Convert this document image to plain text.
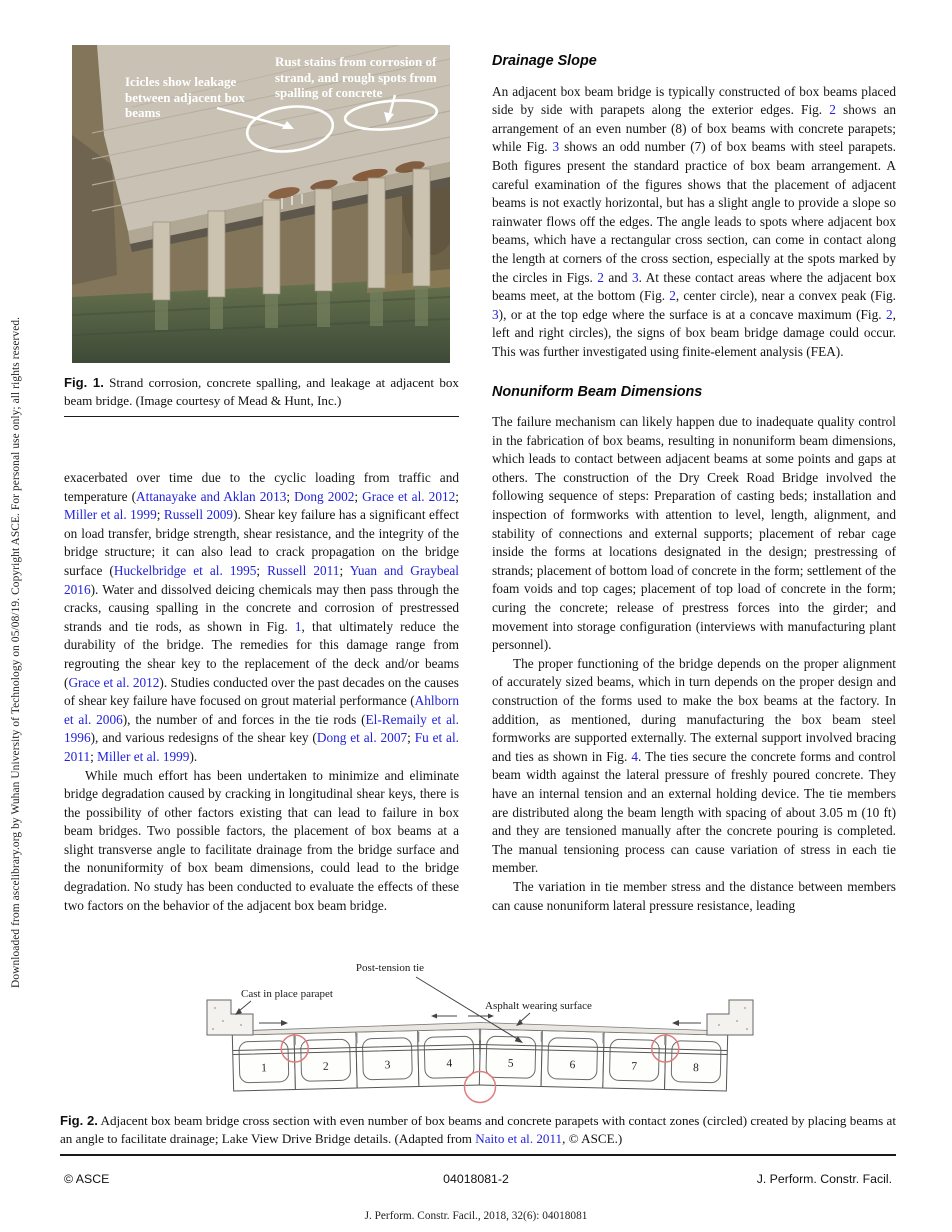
Downloaded from ascelibrary.org by Wuhan University of Technology on 05/08/19. Copyright ASCE. For personal use only; all rights reserved.
Icicles show leakage between adjacent box beams
Rust stains from corrosion of strand, and rough spots from spalling of concrete
Fig. 1. Strand corrosion, concrete spalling, and leakage at adjacent box beam bridge. (Image courtesy of Mead & Hunt, Inc.)

exacerbated over time due to the cyclic loading from traffic and temperature (Attanayake and Aklan 2013; Dong 2002; Grace et al. 2012; Miller et al. 1999; Russell 2009). Shear key failure has a significant effect on load transfer, bridge strength, shear resistance, and the integrity of the bridge structure; it can also lead to crack propagation on the bridge surface (Huckelbridge et al. 1995; Russell 2011; Yuan and Graybeal 2016). Water and dissolved deicing chemicals may then pass through the cracks, causing spalling in the concrete and corrosion of prestressed strands and tie rods, as shown in Fig. 1, that ultimately reduce the durability of the bridge. The remedies for this damage range from regrouting the shear key to the replacement of the deck and/or beams (Grace et al. 2012). Studies conducted over the past decades on the causes of shear key failure have focused on grout material performance (Ahlborn et al. 2006), the number of and forces in the tie rods (El-Remaily et al. 1996), and various redesigns of the shear key (Dong et al. 2007; Fu et al. 2011; Miller et al. 1999).

While much effort has been undertaken to minimize and eliminate bridge degradation caused by cracking in longitudinal shear keys, there is the possibility of other factors existing that can lead to failure in box beam bridges. Two possible factors, the placement of box beams at a slight transverse angle to facilitate drainage from the bridge surface and the nonuniformity of box beam dimensions, could lead to the bridge degradation. No study has been conducted to evaluate the effects of these two factors on the behavior of the adjacent box beam bridge.

Drainage Slope

An adjacent box beam bridge is typically constructed of box beams placed side by side with parapets along the exterior edges. Fig. 2 shows an arrangement of an even number (8) of box beams with concrete parapets; while Fig. 3 shows an odd number (7) of box beams with steel parapets. Both figures present the standard practice of box beam arrangement. A careful examination of the figures shows that the placement of adjacent beams is not exactly horizontal, but has a slight angle to provide a slope so rainwater flows off the edges. The angle leads to spots where adjacent box beams, which have a rectangular cross section, can come in contact along the length at corners of the cross section, especially at the spots marked by the circles in Figs. 2 and 3. At these contact areas where the adjacent box beams meet, at the bottom (Fig. 2, center circle), near a convex peak (Fig. 3), or at the top edge where the surface is at a concave maximum (Fig. 2, left and right circles), the signs of box beam bridge damage could occur. This was further investigated using finite-element analysis (FEA).

Nonuniform Beam Dimensions

The failure mechanism can likely happen due to inadequate quality control in the fabrication of box beams, resulting in nonuniform beam dimensions, which leads to contact between adjacent beams at some points and gaps at others. The construction of the Dry Creek Road Bridge involved the following sequence of steps: Preparation of casting beds; installation and inspection of formworks with attention to level, length, alignment, and stability of connections and external supports; placement of rebar cage inside the forms at locations designated in the design; prestressing of strands; placement of bottom load of concrete in the form; settlement of the foam voids and top cages; placement of top load of concrete in the form; curing the concrete; release of prestress forces into the girder; and movement into storage configuration (interviews with manufacturing plant personnel).

The proper functioning of the bridge depends on the proper alignment of accurately sized beams, which in turn depends on the proper design and construction of the forms used to make the box beams at the factory. In addition, as mentioned, during manufacturing the box beam steel formworks are supported externally. The external support involved bracing and ties as shown in Fig. 4. The ties secure the concrete forms and control beam width against the lateral pressure of freshly poured concrete. They have an internal tension and an external holding device. The tie members are distributed along the beam length with spacing of about 3.05 m (10 ft) and they are tensioned manually after the concrete pouring is completed. The manual tensioning process can cause variation of stress in each tie member.

The variation in tie member stress and the distance between members can cause nonuniform lateral pressure resistance, leading

1	2	3	4	5	6	7	8
Post-tension tie
Cast in place parapet
Asphalt wearing surface
Fig. 2. Adjacent box beam bridge cross section with even number of box beams and concrete parapets with contact zones (circled) created by placing beams at an angle to facilitate drainage; Lake View Drive Bridge details. (Adapted from Naito et al. 2011, © ASCE.)
© ASCE	04018081-2	J. Perform. Constr. Facil.
J. Perform. Constr. Facil., 2018, 32(6): 04018081
